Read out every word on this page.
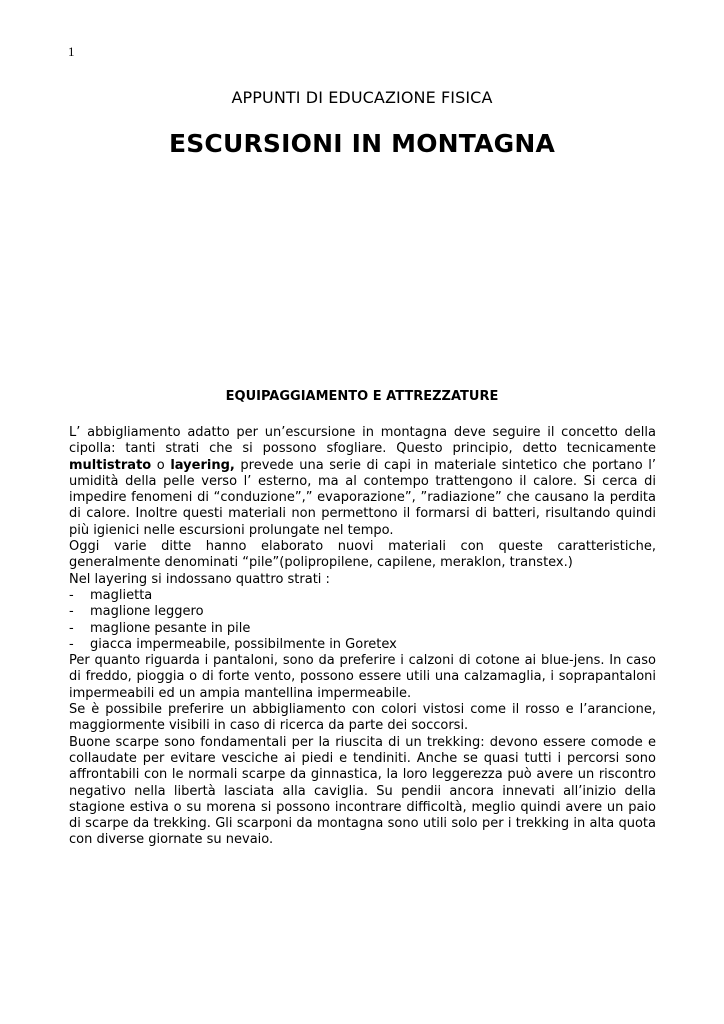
1
APPUNTI DI EDUCAZIONE FISICA
ESCURSIONI IN MONTAGNA
EQUIPAGGIAMENTO E ATTREZZATURE

L’ abbigliamento adatto per un’escursione in montagna deve seguire il concetto della cipolla: tanti strati che si possono sfogliare. Questo principio, detto tecnicamente multistrato o layering, prevede una serie di capi in materiale sintetico che portano l’ umidità della pelle verso l’ esterno, ma al contempo trattengono il calore. Si cerca di impedire fenomeni di “conduzione”,” evaporazione”, ”radiazione” che causano la perdita di calore. Inoltre questi materiali non permettono il formarsi di batteri, risultando quindi più igienici nelle escursioni prolungate nel tempo.

Oggi varie ditte hanno elaborato nuovi materiali con queste caratteristiche, generalmente denominati “pile”(polipropilene, capilene, meraklon, transtex.)

Nel layering si indossano quattro strati :

- maglietta
- maglione leggero
- maglione pesante in pile
- giacca impermeabile, possibilmente in Goretex

Per quanto riguarda i pantaloni, sono da preferire i calzoni di cotone ai blue-jens. In caso di freddo, pioggia o di forte vento, possono essere utili una calzamaglia, i soprapantaloni impermeabili ed un ampia mantellina impermeabile.

Se è possibile preferire un abbigliamento con colori vistosi come il rosso e l’arancione, maggiormente visibili in caso di ricerca da parte dei soccorsi.

Buone scarpe sono fondamentali per la riuscita di un trekking: devono essere comode e collaudate per evitare vesciche ai piedi e tendiniti. Anche se quasi tutti i percorsi sono affrontabili con le normali scarpe da ginnastica, la loro leggerezza può avere un riscontro negativo nella libertà lasciata alla caviglia. Su pendii ancora innevati all’inizio della stagione estiva o su morena si possono incontrare difficoltà, meglio quindi avere un paio di scarpe da trekking. Gli scarponi da montagna sono utili solo per i trekking in alta quota con diverse giornate su nevaio.
